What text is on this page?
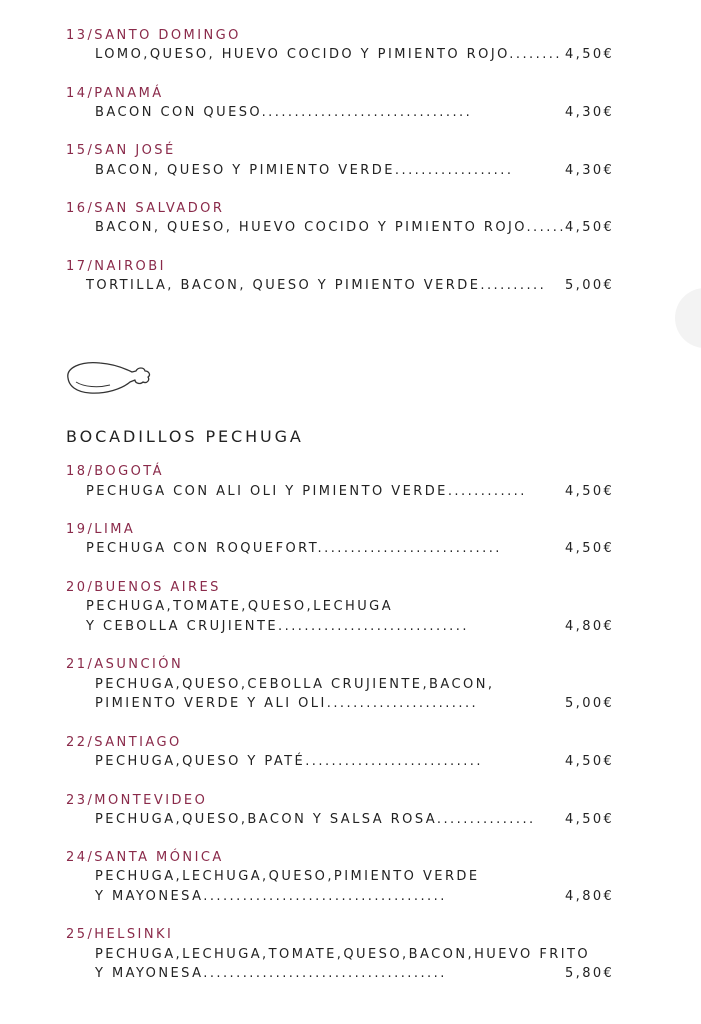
13/SANTO DOMINGO
LOMO,QUESO, HUEVO COCIDO Y PIMIENTO ROJO........ 4,50€
14/PANAMÁ
BACON CON QUESO................................	4,30€
15/SAN JOSÉ
BACON, QUESO Y PIMIENTO VERDE..................	4,30€
16/SAN SALVADOR
BACON, QUESO, HUEVO COCIDO Y PIMIENTO ROJO...... 4,50€
17/NAIROBI
TORTILLA, BACON, QUESO Y PIMIENTO VERDE.......... 5,00€
BOCADILLOS PECHUGA
18/BOGOTÁ
PECHUGA CON ALI OLI Y PIMIENTO VERDE............	4,50€
19/LIMA
PECHUGA CON ROQUEFORT............................	4,50€
20/BUENOS AIRES
PECHUGA,TOMATE,QUESO,LECHUGA
Y CEBOLLA CRUJIENTE.............................	4,80€
21/ASUNCIÓN
PECHUGA,QUESO,CEBOLLA CRUJIENTE,BACON,
PIMIENTO VERDE Y ALI OLI.......................	5,00€
22/SANTIAGO
PECHUGA,QUESO Y PATÉ...........................	4,50€
23/MONTEVIDEO
PECHUGA,QUESO,BACON Y SALSA ROSA............... 4,50€
24/SANTA MÓNICA
PECHUGA,LECHUGA,QUESO,PIMIENTO VERDE
Y MAYONESA.....................................	4,80€
25/HELSINKI
PECHUGA,LECHUGA,TOMATE,QUESO,BACON,HUEVO FRITO
Y MAYONESA.....................................	5,80€
